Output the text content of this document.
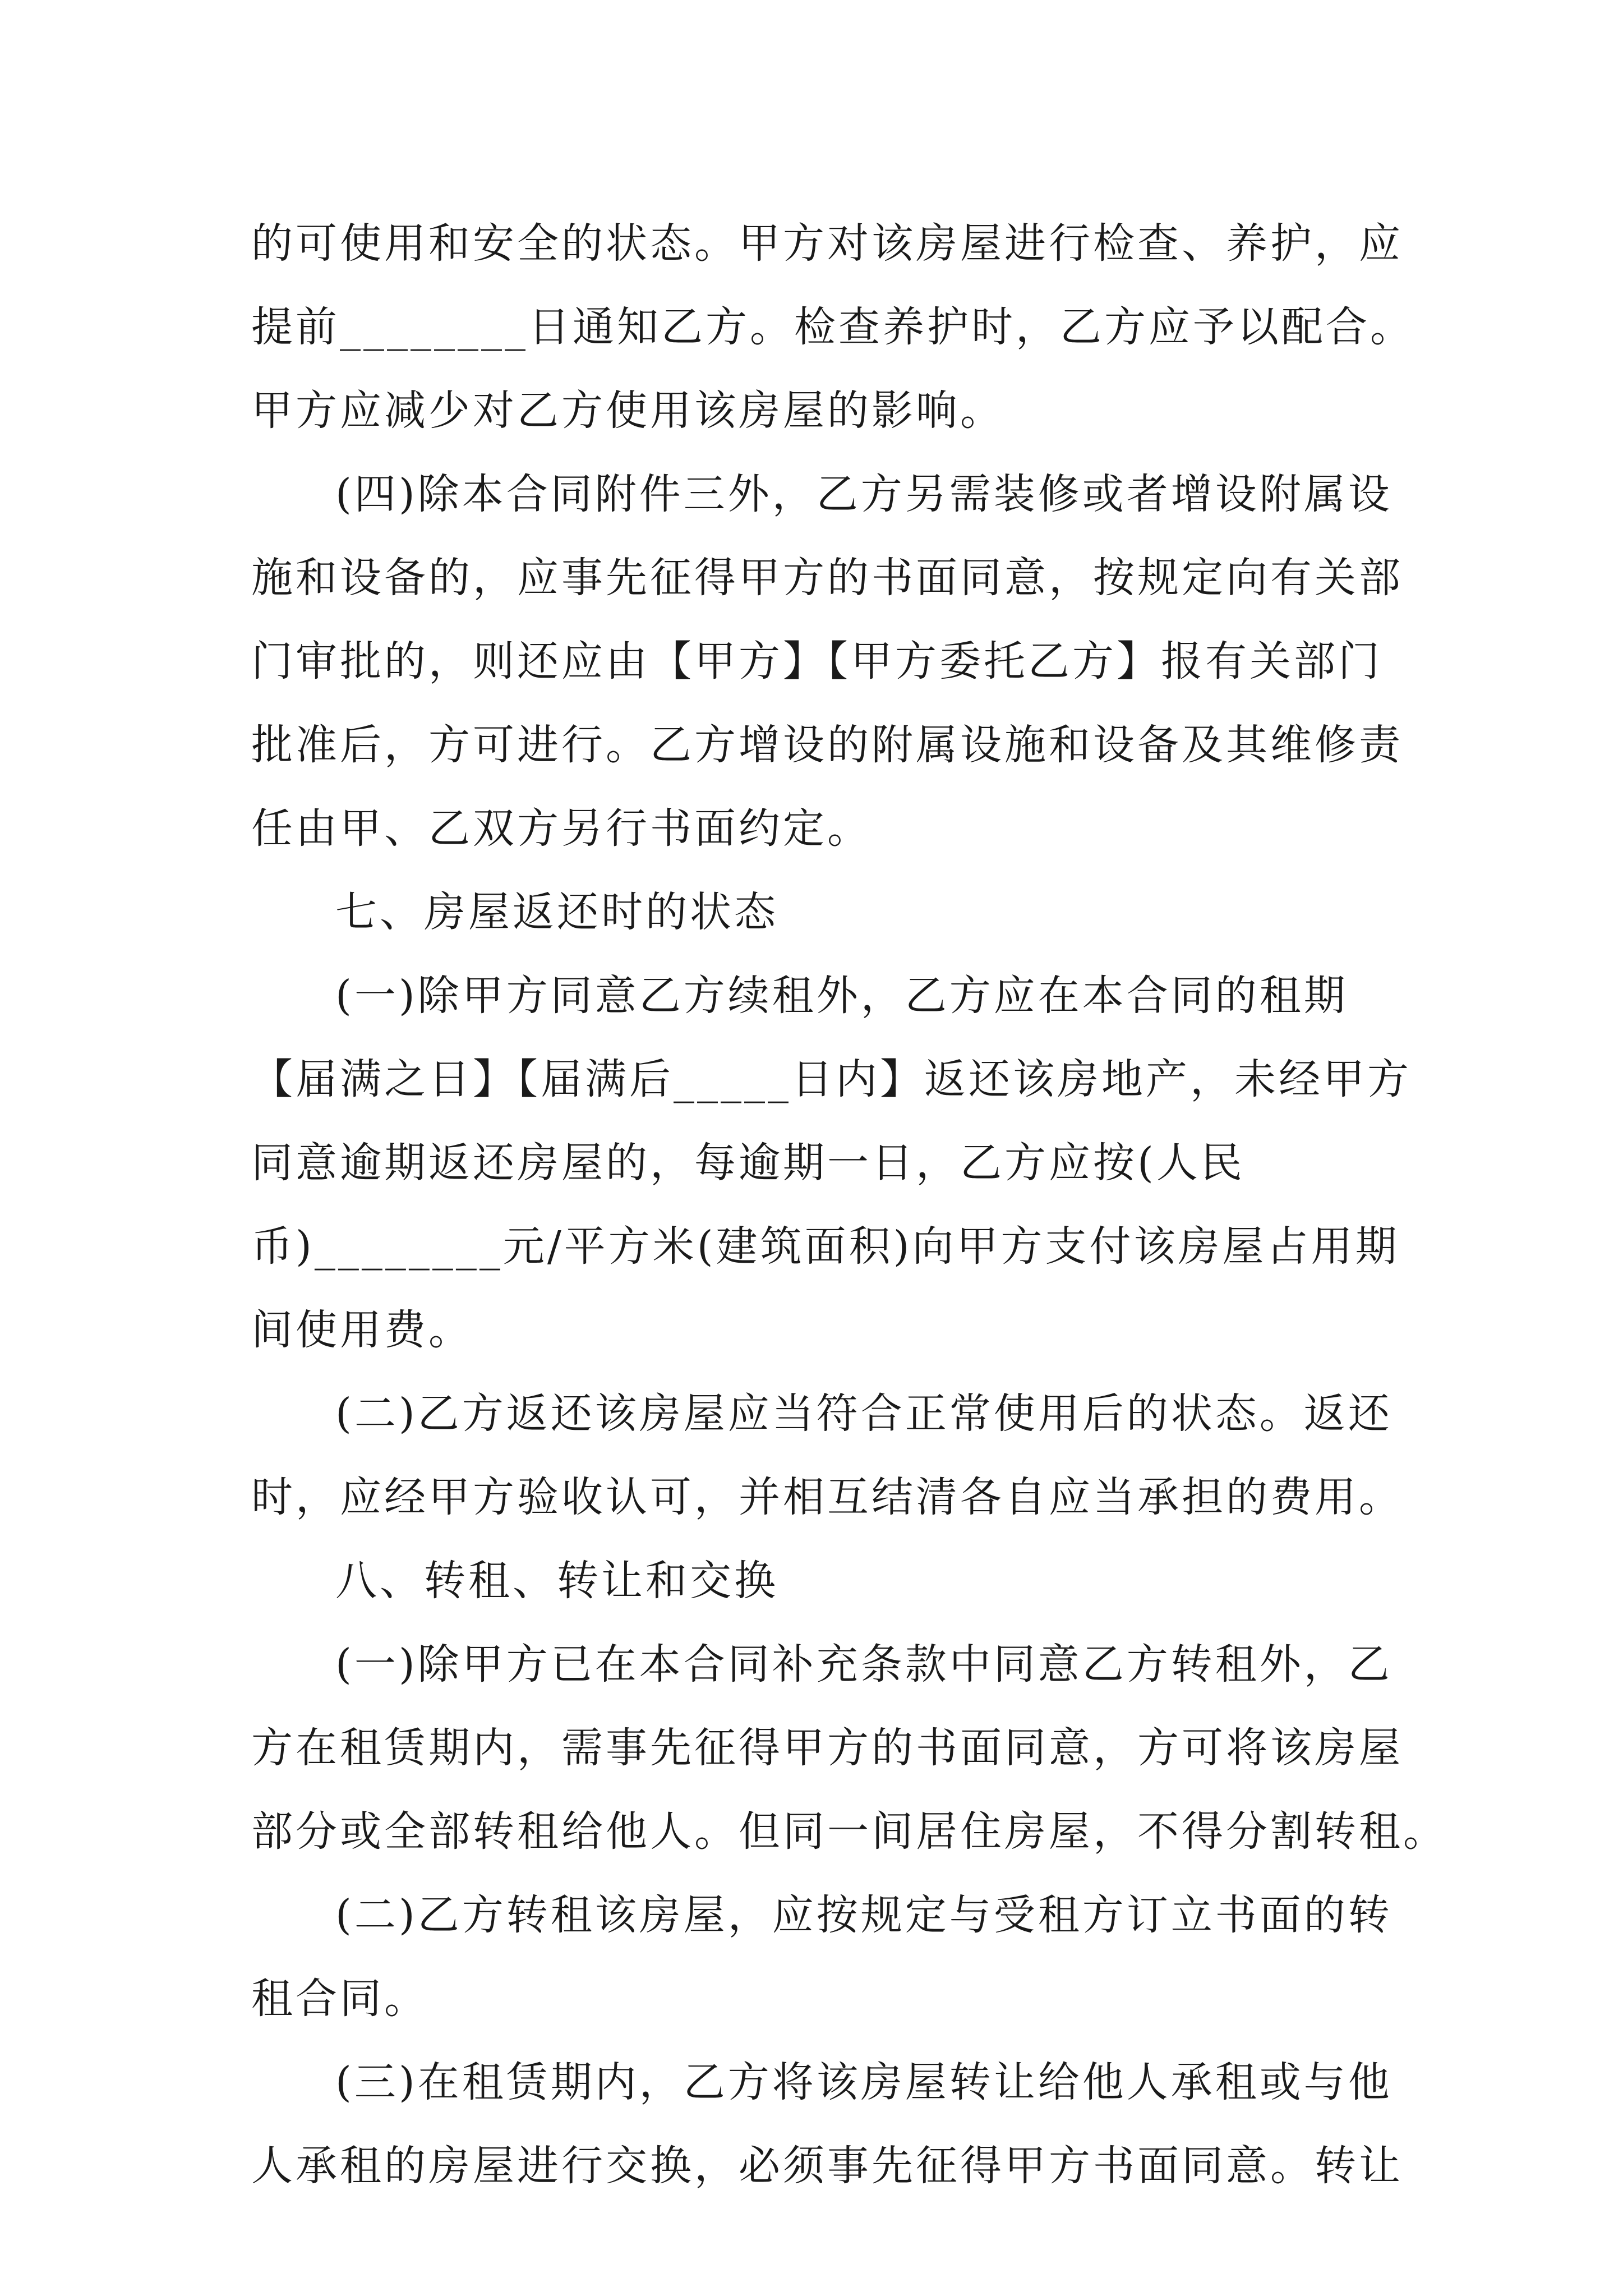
的可使用和安全的状态。甲方对该房屋进行检查、养护，应
提前________日通知乙方。检查养护时，乙方应予以配合。
甲方应减少对乙方使用该房屋的影响。
(四)除本合同附件三外，乙方另需装修或者增设附属设
施和设备的，应事先征得甲方的书面同意，按规定向有关部
门审批的，则还应由【甲方】【甲方委托乙方】报有关部门
批准后，方可进行。乙方增设的附属设施和设备及其维修责
任由甲、乙双方另行书面约定。
七、房屋返还时的状态
(一)除甲方同意乙方续租外，乙方应在本合同的租期
【届满之日】【届满后_____日内】返还该房地产，未经甲方
同意逾期返还房屋的，每逾期一日，乙方应按(人民
币)________元/平方米(建筑面积)向甲方支付该房屋占用期
间使用费。
(二)乙方返还该房屋应当符合正常使用后的状态。返还
时，应经甲方验收认可，并相互结清各自应当承担的费用。
八、转租、转让和交换
(一)除甲方已在本合同补充条款中同意乙方转租外，乙
方在租赁期内，需事先征得甲方的书面同意，方可将该房屋
部分或全部转租给他人。但同一间居住房屋，不得分割转租。
(二)乙方转租该房屋，应按规定与受租方订立书面的转
租合同。
(三)在租赁期内，乙方将该房屋转让给他人承租或与他
人承租的房屋进行交换，必须事先征得甲方书面同意。转让
